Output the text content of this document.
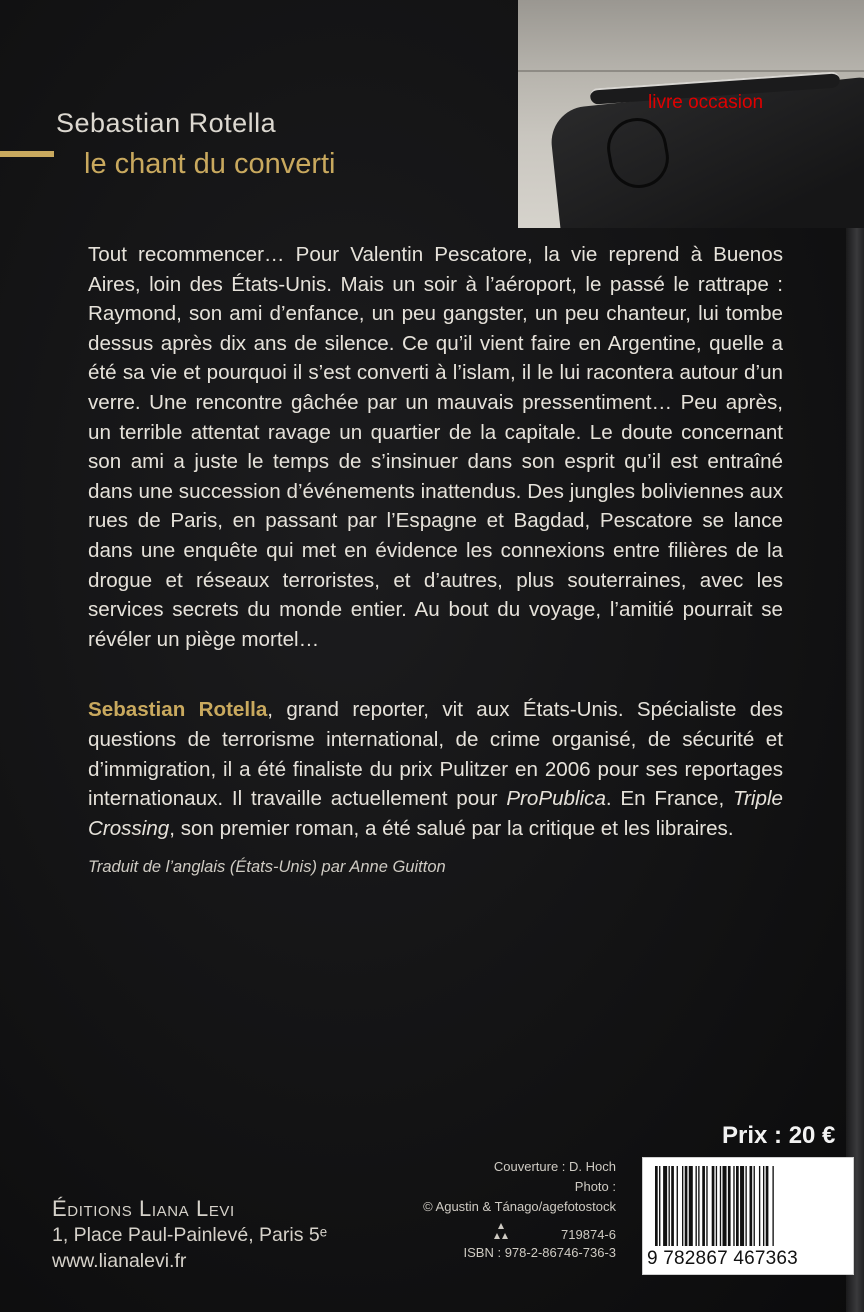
livre occasion
Sebastian Rotella
le chant du converti

Tout recommencer… Pour Valentin Pescatore, la vie reprend à Buenos Aires, loin des États-Unis. Mais un soir à l’aéroport, le passé le rattrape : Raymond, son ami d’enfance, un peu gangster, un peu chanteur, lui tombe dessus après dix ans de silence. Ce qu’il vient faire en Argentine, quelle a été sa vie et pourquoi il s’est converti à l’islam, il le lui racontera autour d’un verre. Une rencontre gâchée par un mauvais pressentiment… Peu après, un terrible attentat ravage un quartier de la capitale. Le doute concernant son ami a juste le temps de s’insinuer dans son esprit qu’il est entraîné dans une succession d’événements inattendus. Des jungles boliviennes aux rues de Paris, en passant par l’Espagne et Bagdad, Pescatore se lance dans une enquête qui met en évidence les connexions entre filières de la drogue et réseaux terroristes, et d’autres, plus souterraines, avec les services secrets du monde entier. Au bout du voyage, l’amitié pourrait se révéler un piège mortel…

Sebastian Rotella, grand reporter, vit aux États-Unis. Spécialiste des questions de terrorisme international, de crime organisé, de sécurité et d’immigration, il a été finaliste du prix Pulitzer en 2006 pour ses reportages internationaux. Il travaille actuellement pour ProPublica. En France, Triple Crossing, son premier roman, a été salué par la critique et les libraires.

Traduit de l’anglais (États-Unis) par Anne Guitton
Prix : 20 €
9 782867 467363
Couverture : D. Hoch
Photo :
© Agustin & Tánago/agefotostock
719874-6
ISBN : 978-2-86746-736-3
Éditions Liana Levi
1, Place Paul-Painlevé, Paris 5ᵉ
www.lianalevi.fr
